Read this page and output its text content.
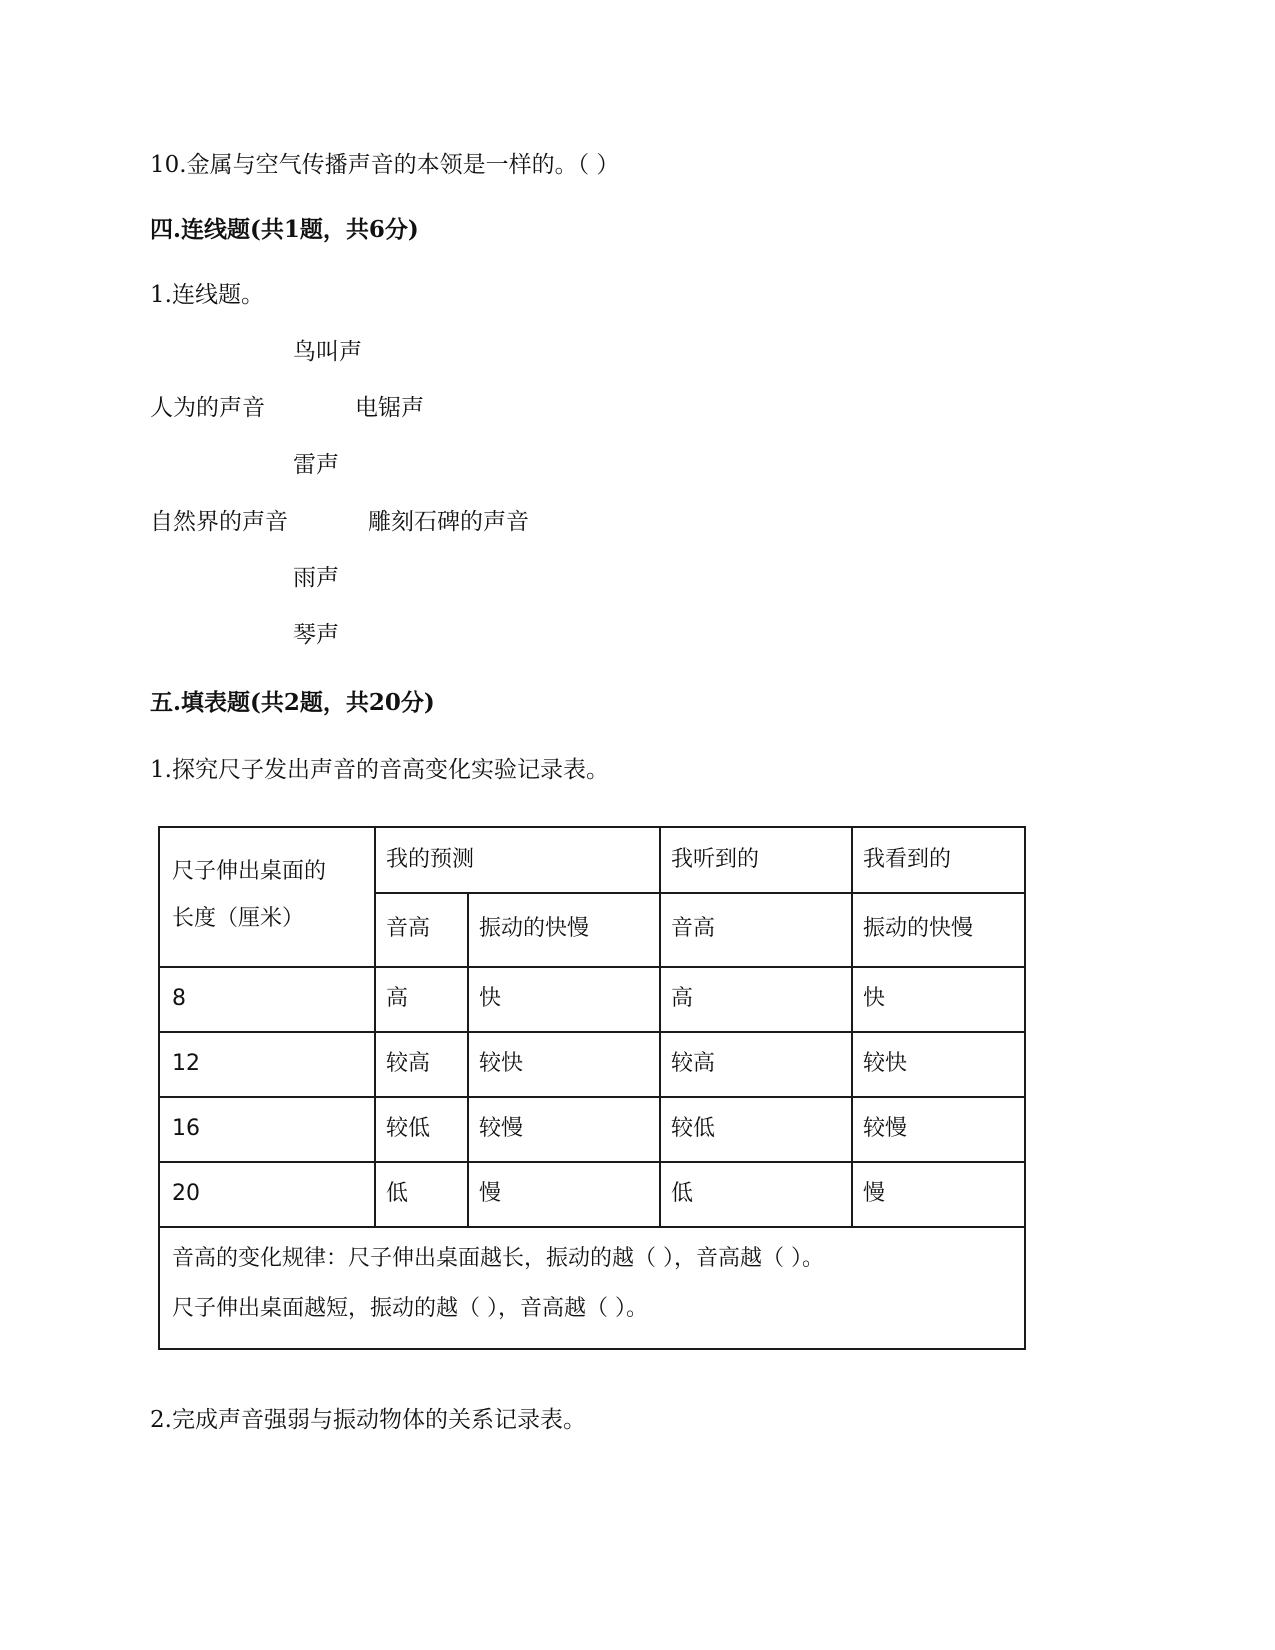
10.金属与空气传播声音的本领是一样的。（ ）
四.连线题(共1题，共6分)
1.连线题。
鸟叫声
人为的声音	电锯声
雷声
自然界的声音	雕刻石碑的声音
雨声
琴声
五.填表题(共2题，共20分)
1.探究尺子发出声音的音高变化实验记录表。
尺子伸出桌面的
长度（厘米）
我的预测	我听到的	我看到的
音高 振动的快慢	音高	振动的快慢
8	高	快	高	快
12	较高 较快	较高	较快
16	较低 较慢	较低	较慢
20	低	慢	低	慢
音高的变化规律：尺子伸出桌面越长，振动的越（ ），音高越（ ）。
尺子伸出桌面越短，振动的越（ ），音高越（ ）。
2.完成声音强弱与振动物体的关系记录表。
